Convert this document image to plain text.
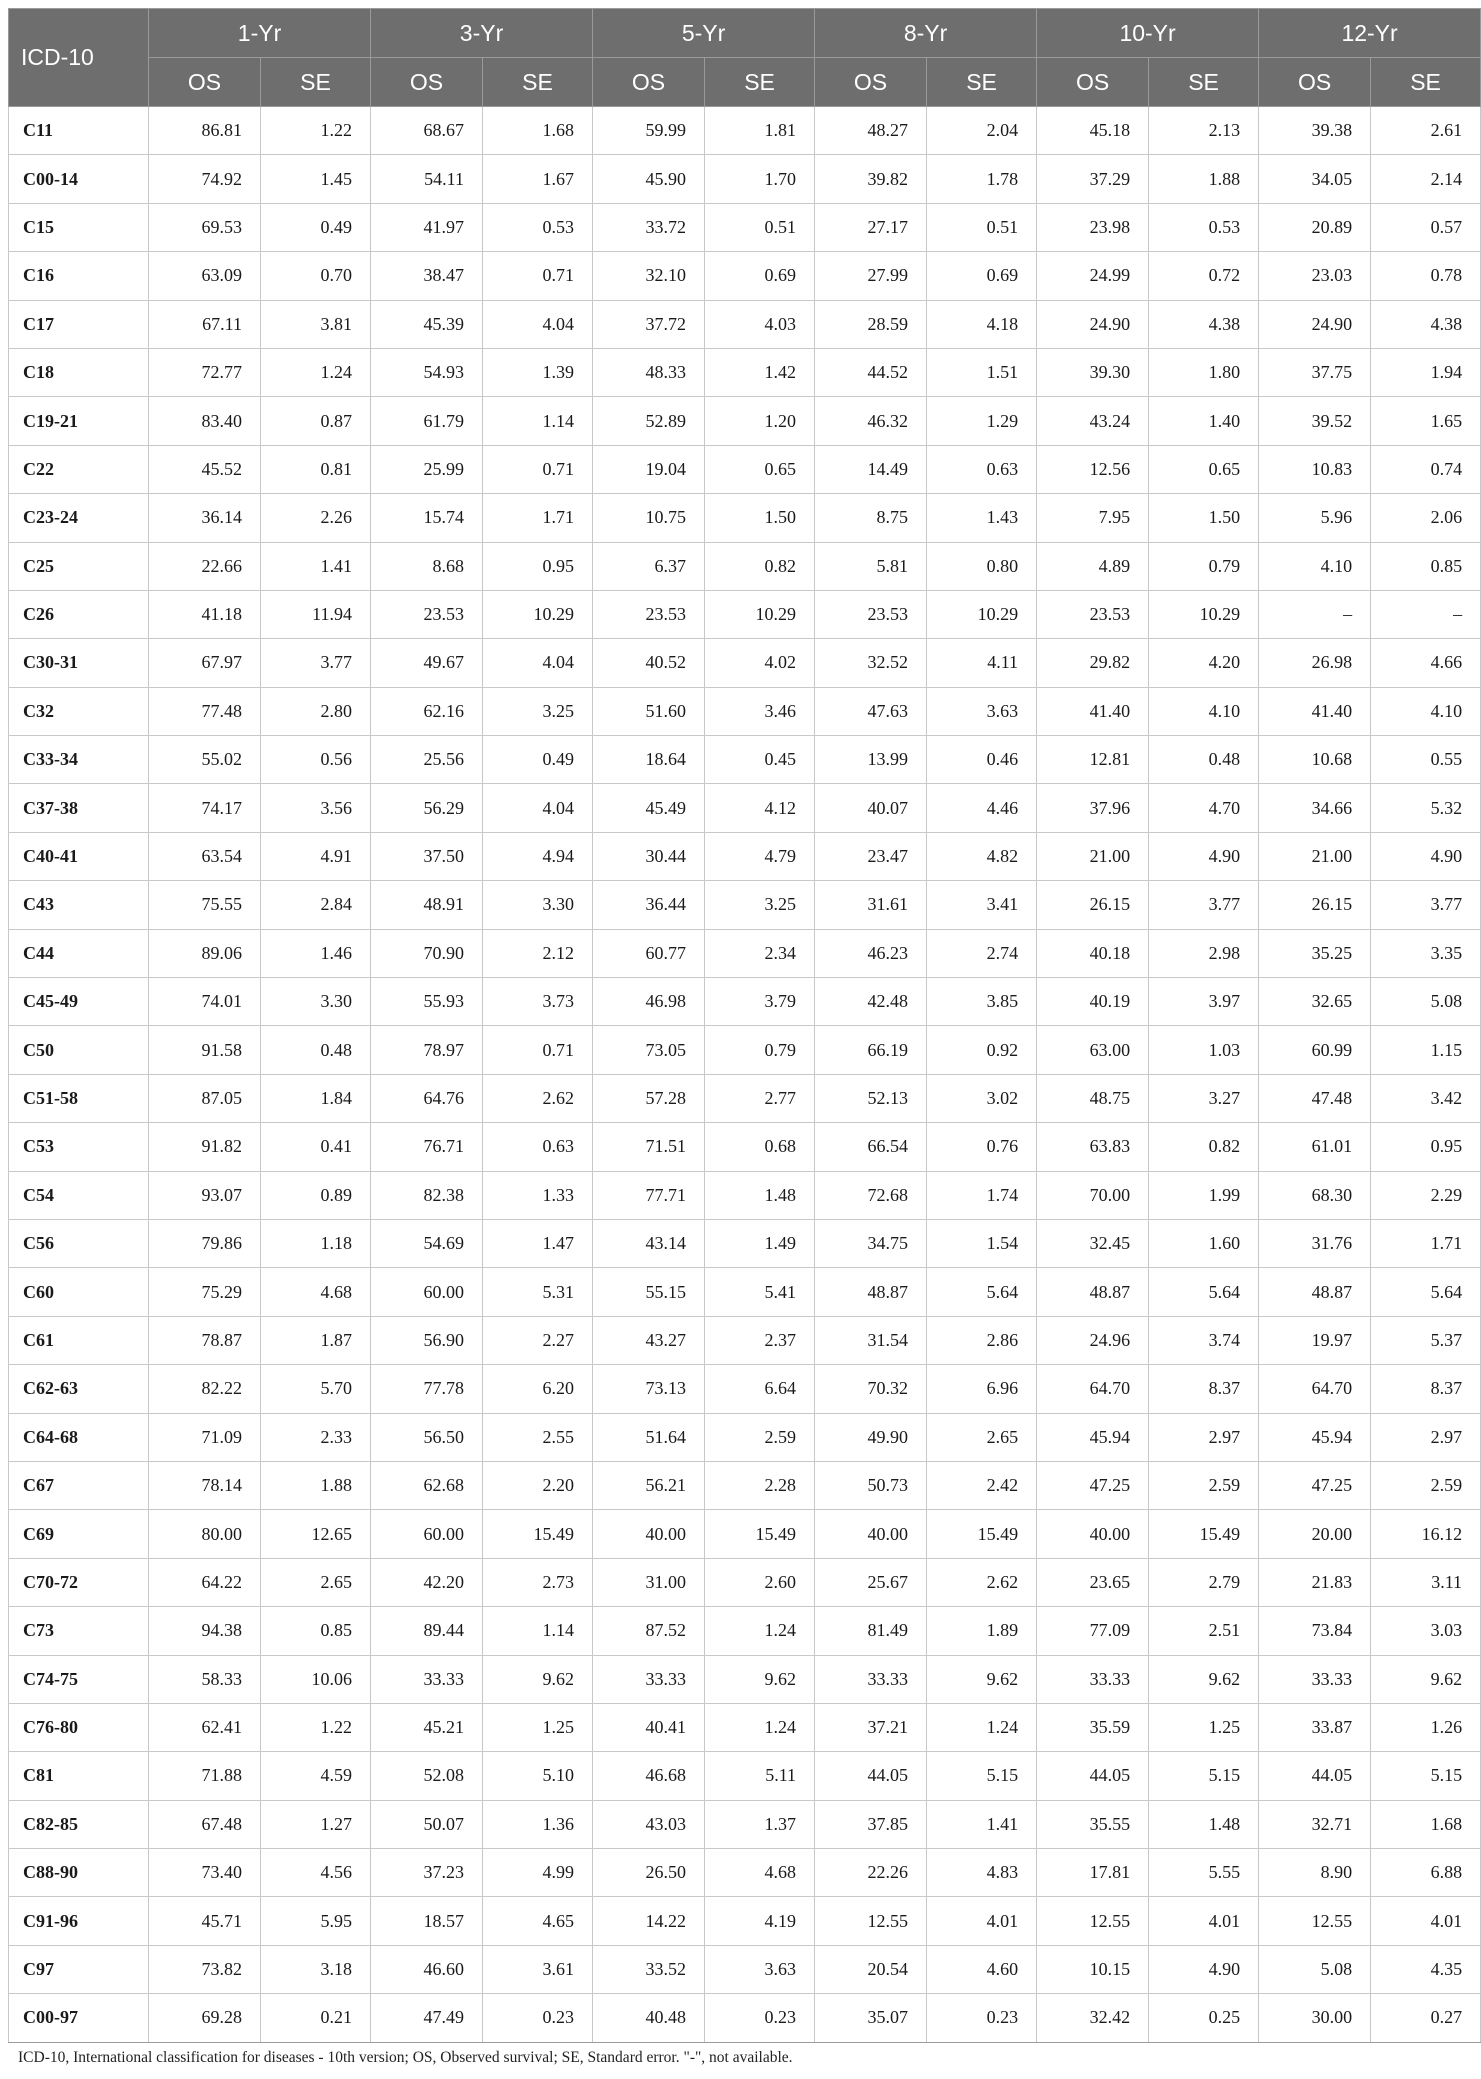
ICD-10	1-Yr		3-Yr		5-Yr		8-Yr		10-Yr		12-Yr	
	OS	SE	OS	SE	OS	SE	OS	SE	OS	SE	OS	SE
C11	86.81	1.22	68.67	1.68	59.99	1.81	48.27	2.04	45.18	2.13	39.38	2.61
C00-14	74.92	1.45	54.11	1.67	45.90	1.70	39.82	1.78	37.29	1.88	34.05	2.14
C15	69.53	0.49	41.97	0.53	33.72	0.51	27.17	0.51	23.98	0.53	20.89	0.57
C16	63.09	0.70	38.47	0.71	32.10	0.69	27.99	0.69	24.99	0.72	23.03	0.78
C17	67.11	3.81	45.39	4.04	37.72	4.03	28.59	4.18	24.90	4.38	24.90	4.38
C18	72.77	1.24	54.93	1.39	48.33	1.42	44.52	1.51	39.30	1.80	37.75	1.94
C19-21	83.40	0.87	61.79	1.14	52.89	1.20	46.32	1.29	43.24	1.40	39.52	1.65
C22	45.52	0.81	25.99	0.71	19.04	0.65	14.49	0.63	12.56	0.65	10.83	0.74
C23-24	36.14	2.26	15.74	1.71	10.75	1.50	8.75	1.43	7.95	1.50	5.96	2.06
C25	22.66	1.41	8.68	0.95	6.37	0.82	5.81	0.80	4.89	0.79	4.10	0.85
C26	41.18	11.94	23.53	10.29	23.53	10.29	23.53	10.29	23.53	10.29	–	–
C30-31	67.97	3.77	49.67	4.04	40.52	4.02	32.52	4.11	29.82	4.20	26.98	4.66
C32	77.48	2.80	62.16	3.25	51.60	3.46	47.63	3.63	41.40	4.10	41.40	4.10
C33-34	55.02	0.56	25.56	0.49	18.64	0.45	13.99	0.46	12.81	0.48	10.68	0.55
C37-38	74.17	3.56	56.29	4.04	45.49	4.12	40.07	4.46	37.96	4.70	34.66	5.32
C40-41	63.54	4.91	37.50	4.94	30.44	4.79	23.47	4.82	21.00	4.90	21.00	4.90
C43	75.55	2.84	48.91	3.30	36.44	3.25	31.61	3.41	26.15	3.77	26.15	3.77
C44	89.06	1.46	70.90	2.12	60.77	2.34	46.23	2.74	40.18	2.98	35.25	3.35
C45-49	74.01	3.30	55.93	3.73	46.98	3.79	42.48	3.85	40.19	3.97	32.65	5.08
C50	91.58	0.48	78.97	0.71	73.05	0.79	66.19	0.92	63.00	1.03	60.99	1.15
C51-58	87.05	1.84	64.76	2.62	57.28	2.77	52.13	3.02	48.75	3.27	47.48	3.42
C53	91.82	0.41	76.71	0.63	71.51	0.68	66.54	0.76	63.83	0.82	61.01	0.95
C54	93.07	0.89	82.38	1.33	77.71	1.48	72.68	1.74	70.00	1.99	68.30	2.29
C56	79.86	1.18	54.69	1.47	43.14	1.49	34.75	1.54	32.45	1.60	31.76	1.71
C60	75.29	4.68	60.00	5.31	55.15	5.41	48.87	5.64	48.87	5.64	48.87	5.64
C61	78.87	1.87	56.90	2.27	43.27	2.37	31.54	2.86	24.96	3.74	19.97	5.37
C62-63	82.22	5.70	77.78	6.20	73.13	6.64	70.32	6.96	64.70	8.37	64.70	8.37
C64-68	71.09	2.33	56.50	2.55	51.64	2.59	49.90	2.65	45.94	2.97	45.94	2.97
C67	78.14	1.88	62.68	2.20	56.21	2.28	50.73	2.42	47.25	2.59	47.25	2.59
C69	80.00	12.65	60.00	15.49	40.00	15.49	40.00	15.49	40.00	15.49	20.00	16.12
C70-72	64.22	2.65	42.20	2.73	31.00	2.60	25.67	2.62	23.65	2.79	21.83	3.11
C73	94.38	0.85	89.44	1.14	87.52	1.24	81.49	1.89	77.09	2.51	73.84	3.03
C74-75	58.33	10.06	33.33	9.62	33.33	9.62	33.33	9.62	33.33	9.62	33.33	9.62
C76-80	62.41	1.22	45.21	1.25	40.41	1.24	37.21	1.24	35.59	1.25	33.87	1.26
C81	71.88	4.59	52.08	5.10	46.68	5.11	44.05	5.15	44.05	5.15	44.05	5.15
C82-85	67.48	1.27	50.07	1.36	43.03	1.37	37.85	1.41	35.55	1.48	32.71	1.68
C88-90	73.40	4.56	37.23	4.99	26.50	4.68	22.26	4.83	17.81	5.55	8.90	6.88
C91-96	45.71	5.95	18.57	4.65	14.22	4.19	12.55	4.01	12.55	4.01	12.55	4.01
C97	73.82	3.18	46.60	3.61	33.52	3.63	20.54	4.60	10.15	4.90	5.08	4.35
C00-97	69.28	0.21	47.49	0.23	40.48	0.23	35.07	0.23	32.42	0.25	30.00	0.27
ICD-10, International classification for diseases - 10th version; OS, Observed survival; SE, Standard error. "-", not available.
